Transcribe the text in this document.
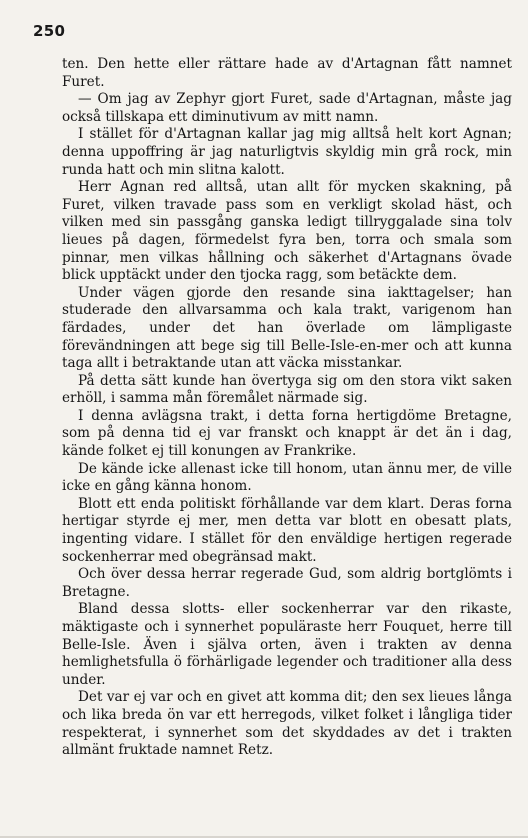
250

ten. Den hette eller rättare hade av d'Artagnan fått namnet Furet.

— Om jag av Zephyr gjort Furet, sade d'Artagnan, måste jag också tillskapa ett diminutivum av mitt namn.

I stället för d'Artagnan kallar jag mig alltså helt kort Agnan; denna uppoffring är jag naturligtvis skyldig min grå rock, min runda hatt och min slitna kalott.

Herr Agnan red alltså, utan allt för mycken skakning, på Furet, vilken travade pass som en verkligt skolad häst, och vilken med sin passgång ganska ledigt tillryggalade sina tolv lieues på dagen, förmedelst fyra ben, torra och smala som pinnar, men vilkas hållning och säkerhet d'Artagnans övade blick upptäckt under den tjocka ragg, som betäckte dem.

Under vägen gjorde den resande sina iakttagelser; han studerade den allvarsamma och kala trakt, varigenom han färdades, under det han överlade om lämpligaste förevändningen att bege sig till Belle-Isle-en-mer och att kunna taga allt i betraktande utan att väcka misstankar.

På detta sätt kunde han övertyga sig om den stora vikt saken erhöll, i samma mån föremålet närmade sig.

I denna avlägsna trakt, i detta forna hertigdöme Bretagne, som på denna tid ej var franskt och knappt är det än i dag, kände folket ej till konungen av Frankrike.

De kände icke allenast icke till honom, utan ännu mer, de ville icke en gång känna honom.

Blott ett enda politiskt förhållande var dem klart. Deras forna hertigar styrde ej mer, men detta var blott en obesatt plats, ingenting vidare. I stället för den enväldige hertigen regerade sockenherrar med obegränsad makt.

Och över dessa herrar regerade Gud, som aldrig bortglömts i Bretagne.

Bland dessa slotts- eller sockenherrar var den rikaste, mäktigaste och i synnerhet populäraste herr Fouquet, herre till Belle-Isle. Även i själva orten, även i trakten av denna hemlighetsfulla ö förhärligade legender och traditioner alla dess under.

Det var ej var och en givet att komma dit; den sex lieues långa och lika breda ön var ett herregods, vilket folket i långliga tider respekterat, i synnerhet som det skyddades av det i trakten allmänt fruktade namnet Retz.
